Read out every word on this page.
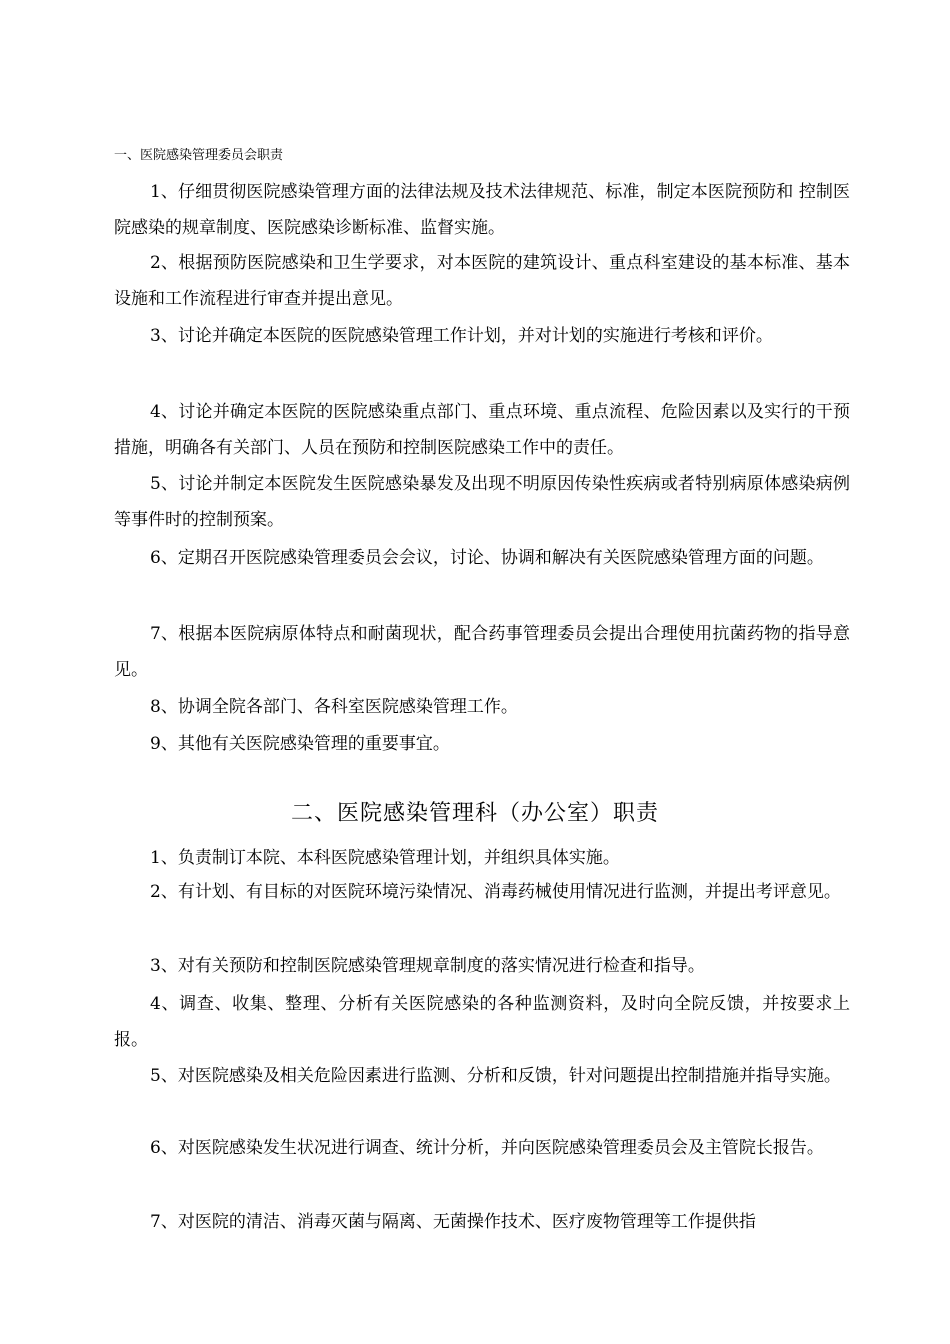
一、医院感染管理委员会职责

1、仔细贯彻医院感染管理方面的法律法规及技术法律规范、标准，制定本医院预防和 控制医院感染的规章制度、医院感染诊断标准、监督实施。

2、根据预防医院感染和卫生学要求，对本医院的建筑设计、重点科室建设的基本标准、基本设施和工作流程进行审查并提出意见。

3、讨论并确定本医院的医院感染管理工作计划，并对计划的实施进行考核和评价。

4、讨论并确定本医院的医院感染重点部门、重点环境、重点流程、危险因素以及实行的干预措施，明确各有关部门、人员在预防和控制医院感染工作中的责任。

5、讨论并制定本医院发生医院感染暴发及出现不明原因传染性疾病或者特别病原体感染病例等事件时的控制预案。

6、定期召开医院感染管理委员会会议，讨论、协调和解决有关医院感染管理方面的问题。

7、根据本医院病原体特点和耐菌现状，配合药事管理委员会提出合理使用抗菌药物的指导意见。

8、协调全院各部门、各科室医院感染管理工作。

9、其他有关医院感染管理的重要事宜。

二、医院感染管理科（办公室）职责

1、负责制订本院、本科医院感染管理计划，并组织具体实施。

2、有计划、有目标的对医院环境污染情况、消毒药械使用情况进行监测，并提出考评意见。

3、对有关预防和控制医院感染管理规章制度的落实情况进行检查和指导。

4、调查、收集、整理、分析有关医院感染的各种监测资料，及时向全院反馈，并按要求上报。

5、对医院感染及相关危险因素进行监测、分析和反馈，针对问题提出控制措施并指导实施。

6、对医院感染发生状况进行调查、统计分析，并向医院感染管理委员会及主管院长报告。

7、对医院的清洁、消毒灭菌与隔离、无菌操作技术、医疗废物管理等工作提供指
